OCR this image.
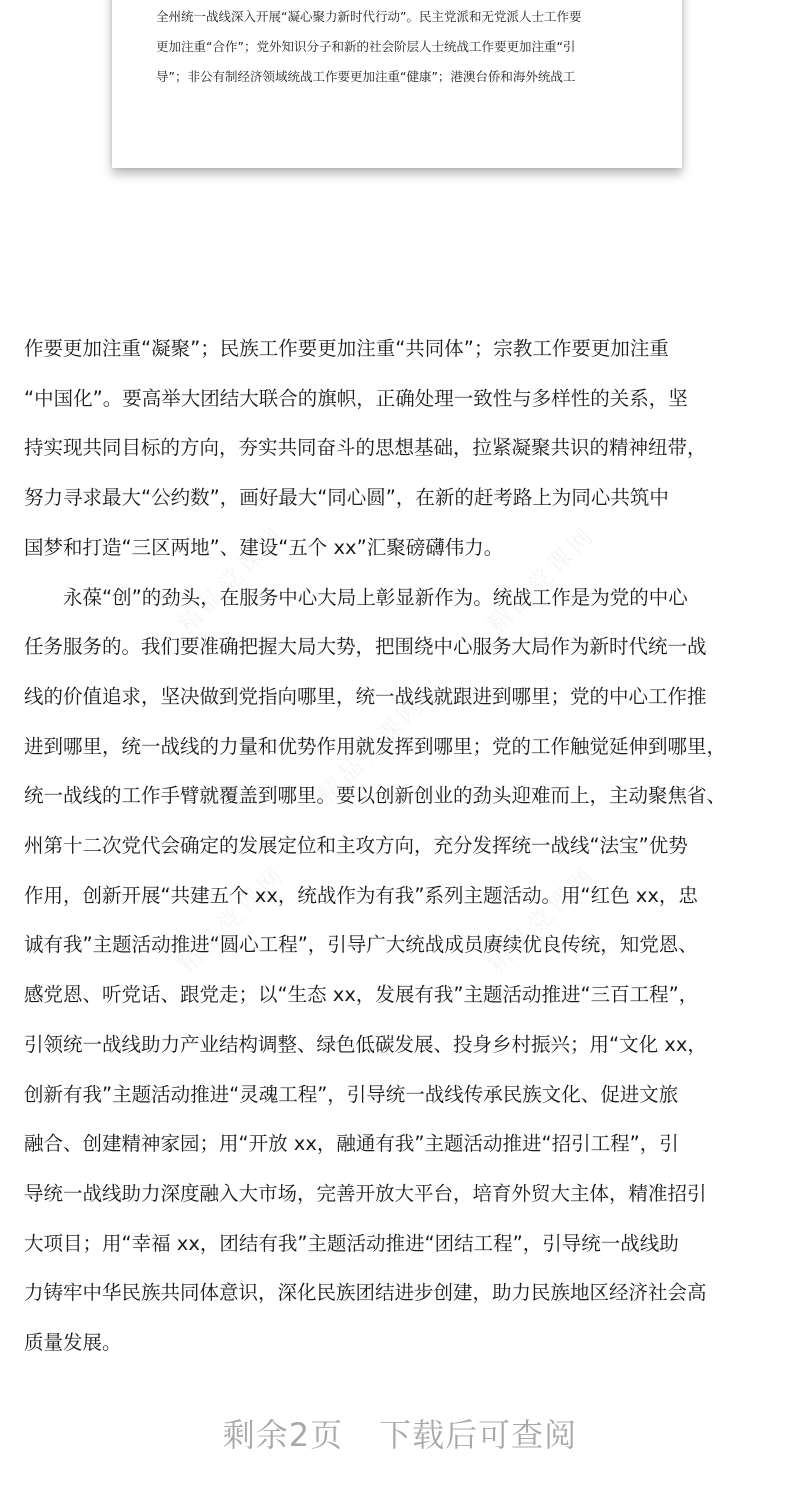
全州统一战线深入开展“凝心聚力新时代行动”。民主党派和无党派人士工作要
更加注重“合作”；党外知识分子和新的社会阶层人士统战工作要更加注重“引
导”；非公有制经济领域统战工作要更加注重“健康”；港澳台侨和海外统战工
精品党课网	精品党课网
精品党课网
精品党课网	精品党课网
作要更加注重“凝聚”；民族工作要更加注重“共同体”；宗教工作要更加注重
“中国化”。要高举大团结大联合的旗帜，正确处理一致性与多样性的关系，坚
持实现共同目标的方向，夯实共同奋斗的思想基础，拉紧凝聚共识的精神纽带，
努力寻求最大“公约数”，画好最大“同心圆”，在新的赶考路上为同心共筑中
国梦和打造“三区两地”、建设“五个 xx”汇聚磅礴伟力。
　　永葆“创”的劲头，在服务中心大局上彰显新作为。统战工作是为党的中心
任务服务的。我们要准确把握大局大势，把围绕中心服务大局作为新时代统一战
线的价值追求，坚决做到党指向哪里，统一战线就跟进到哪里；党的中心工作推
进到哪里，统一战线的力量和优势作用就发挥到哪里；党的工作触觉延伸到哪里，
统一战线的工作手臂就覆盖到哪里。要以创新创业的劲头迎难而上，主动聚焦省、
州第十二次党代会确定的发展定位和主攻方向，充分发挥统一战线“法宝”优势
作用，创新开展“共建五个 xx，统战作为有我”系列主题活动。用“红色 xx，忠
诚有我”主题活动推进“圆心工程”，引导广大统战成员赓续优良传统，知党恩、
感党恩、听党话、跟党走；以“生态 xx，发展有我”主题活动推进“三百工程”，
引领统一战线助力产业结构调整、绿色低碳发展、投身乡村振兴；用“文化 xx，
创新有我”主题活动推进“灵魂工程”，引导统一战线传承民族文化、促进文旅
融合、创建精神家园；用“开放 xx，融通有我”主题活动推进“招引工程”，引
导统一战线助力深度融入大市场，完善开放大平台，培育外贸大主体，精准招引
大项目；用“幸福 xx，团结有我”主题活动推进“团结工程”，引导统一战线助
力铸牢中华民族共同体意识，深化民族团结进步创建，助力民族地区经济社会高
质量发展。
剩余2页 下载后可查阅
